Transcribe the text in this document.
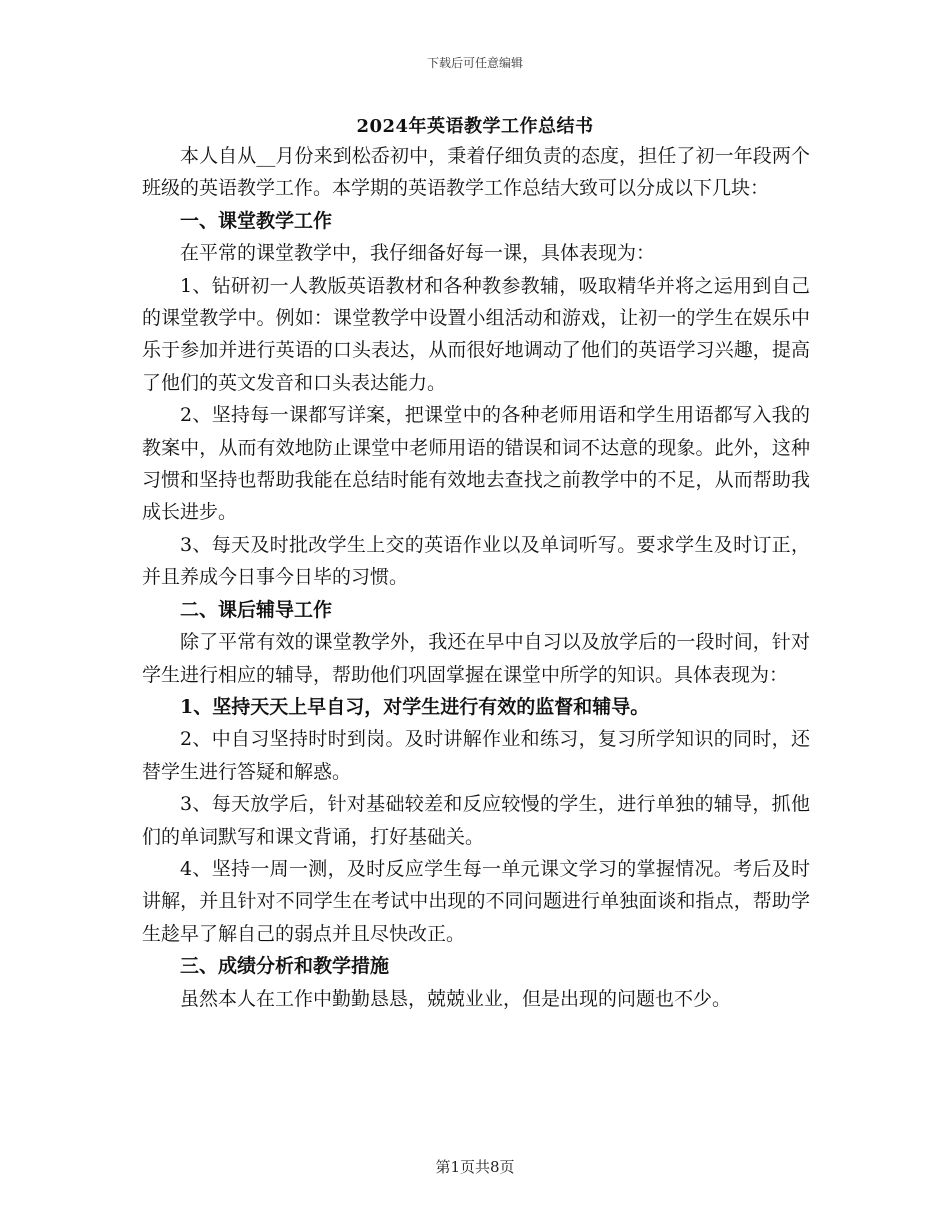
下载后可任意编辑
2024年英语教学工作总结书

本人自从__月份来到松岙初中，秉着仔细负责的态度，担任了初一年段两个班级的英语教学工作。本学期的英语教学工作总结大致可以分成以下几块：

一、课堂教学工作

在平常的课堂教学中，我仔细备好每一课，具体表现为：

1、钻研初一人教版英语教材和各种教参教辅，吸取精华并将之运用到自己的课堂教学中。例如：课堂教学中设置小组活动和游戏，让初一的学生在娱乐中乐于参加并进行英语的口头表达，从而很好地调动了他们的英语学习兴趣，提高了他们的英文发音和口头表达能力。

2、坚持每一课都写详案，把课堂中的各种老师用语和学生用语都写入我的教案中，从而有效地防止课堂中老师用语的错误和词不达意的现象。此外，这种习惯和坚持也帮助我能在总结时能有效地去查找之前教学中的不足，从而帮助我成长进步。

3、每天及时批改学生上交的英语作业以及单词听写。要求学生及时订正，并且养成今日事今日毕的习惯。

二、课后辅导工作

除了平常有效的课堂教学外，我还在早中自习以及放学后的一段时间，针对学生进行相应的辅导，帮助他们巩固掌握在课堂中所学的知识。具体表现为：

1、坚持天天上早自习，对学生进行有效的监督和辅导。

2、中自习坚持时时到岗。及时讲解作业和练习，复习所学知识的同时，还替学生进行答疑和解惑。

3、每天放学后，针对基础较差和反应较慢的学生，进行单独的辅导，抓他们的单词默写和课文背诵，打好基础关。

4、坚持一周一测，及时反应学生每一单元课文学习的掌握情况。考后及时讲解，并且针对不同学生在考试中出现的不同问题进行单独面谈和指点，帮助学生趁早了解自己的弱点并且尽快改正。

三、成绩分析和教学措施

虽然本人在工作中勤勤恳恳，兢兢业业，但是出现的问题也不少。

第1页共8页
